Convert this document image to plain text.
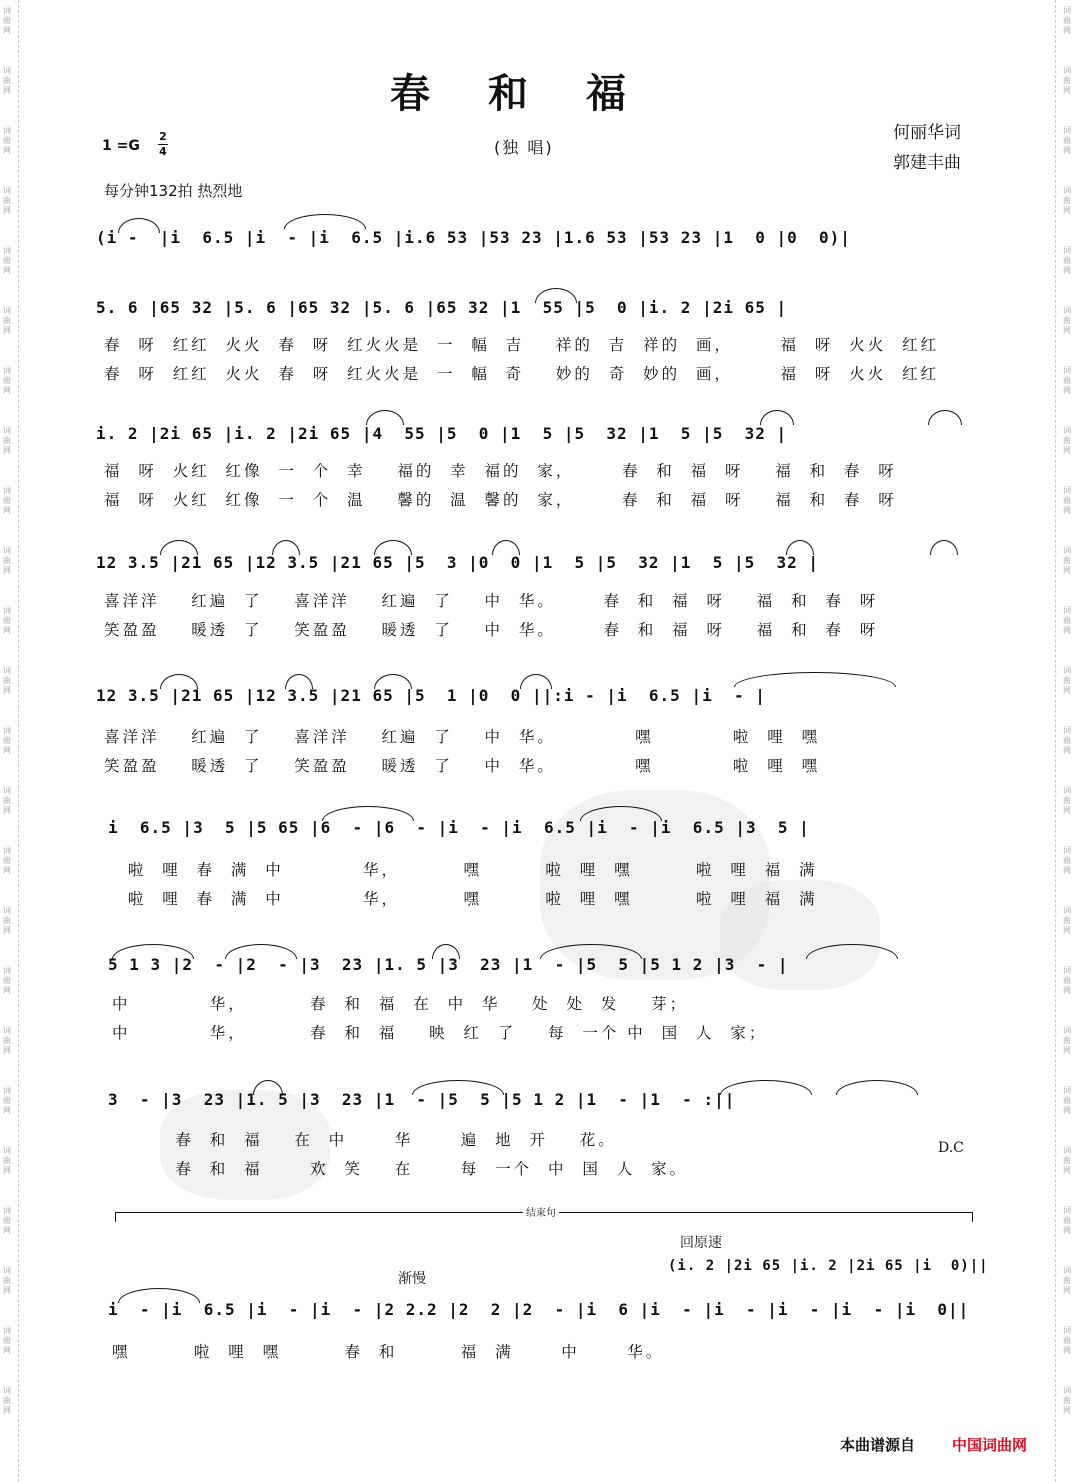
词
曲
网
词
曲
网
词
曲
网
词
曲
网
词
曲
网
词
曲
网
词
曲
网
词
曲
网
词
曲
网
词
曲
网
词
曲
网
词
曲
网
词
曲
网
词
曲
网
词
曲
网
词
曲
网
词
曲
网
词
曲
网
词
曲
网
词
曲
网
词
曲
网
词
曲
网
词
曲
网
词
曲
网
词
曲
网
词
曲
网
词
曲
网
词
曲
网
词
曲
网
词
曲
网
词
曲
网
词
曲
网
词
曲
网
词
曲
网
词
曲
网
词
曲
网
词
曲
网
词
曲
网
词
曲
网
词
曲
网
词
曲
网
词
曲
网
词
曲
网
词
曲
网
词
曲
网
词
曲
网
词
曲
网
词
曲
网
春和福
1 =G
2
4	(独 唱)
何丽华词
郭建丰曲
每分钟132拍 热烈地
(i -  |i  6.5 |i  - |i  6.5 |i.6 53 |53 23 |1.6 53 |53 23 |1  0 |0  0)|
5. 6 |65 32 |5. 6 |65 32 |5. 6 |65 32 |1  55 |5  0 |i. 2 |2i 65 |
i. 2 |2i 65 |i. 2 |2i 65 |4  55 |5  0 |1  5 |5  32 |1  5 |5  32 |
12 3.5 |21 65 |12 3.5 |21 65 |5  3 |0  0 |1  5 |5  32 |1  5 |5  32 |
12 3.5 |21 65 |12 3.5 |21 65 |5  1 |0  0 ||:i - |i  6.5 |i  - |
i  6.5 |3  5 |5 65 |6  - |6  - |i  - |i  6.5 |i  - |i  6.5 |3  5 |
5 1 3 |2  - |2  - |3  23 |1. 5 |3  23 |1  - |5  5 |5 1 2 |3  - |
3  - |3  23 |1. 5 |3  23 |1  - |5  5 |5 1 2 |1  - |1  - :||
i  - |i  6.5 |i  - |i  - |2 2.2 |2  2 |2  - |i  6 |i  - |i  - |i  - |i  - |i  0||
春  呀  红红  火火  春  呀  红火火是  一  幅  吉    祥的  吉  祥的  画，      福  呀  火火  红红
春  呀  红红  火火  春  呀  红火火是  一  幅  奇    妙的  奇  妙的  画，      福  呀  火火  红红
福  呀  火红  红像  一  个  幸    福的  幸  福的  家，      春  和  福  呀    福  和  春  呀
福  呀  火红  红像  一  个  温    馨的  温  馨的  家，      春  和  福  呀    福  和  春  呀
喜洋洋    红遍  了    喜洋洋    红遍  了    中  华。      春  和  福  呀    福  和  春  呀
笑盈盈    暖透  了    笑盈盈    暖透  了    中  华。      春  和  福  呀    福  和  春  呀
喜洋洋    红遍  了    喜洋洋    红遍  了    中  华。          嘿          啦  哩  嘿
笑盈盈    暖透  了    笑盈盈    暖透  了    中  华。          嘿          啦  哩  嘿
啦  哩  春  满  中          华，        嘿        啦  哩  嘿        啦  哩  福  满
啦  哩  春  满  中          华，        嘿        啦  哩  嘿        啦  哩  福  满
中          华，        春  和  福  在  中  华    处  处  发    芽；
中          华，        春  和  福    映  红  了    每  一个 中  国  人  家；
春  和  福    在  中      华      遍  地  开    花。
春  和  福      欢  笑    在      每  一个  中  国  人  家。
嘿        啦  哩  嘿        春  和        福  满      中      华。
D.C
结束句
回原速
渐慢
(i. 2 |2i 65 |i. 2 |2i 65 |i  0)||
本曲谱源自 中国词曲网
